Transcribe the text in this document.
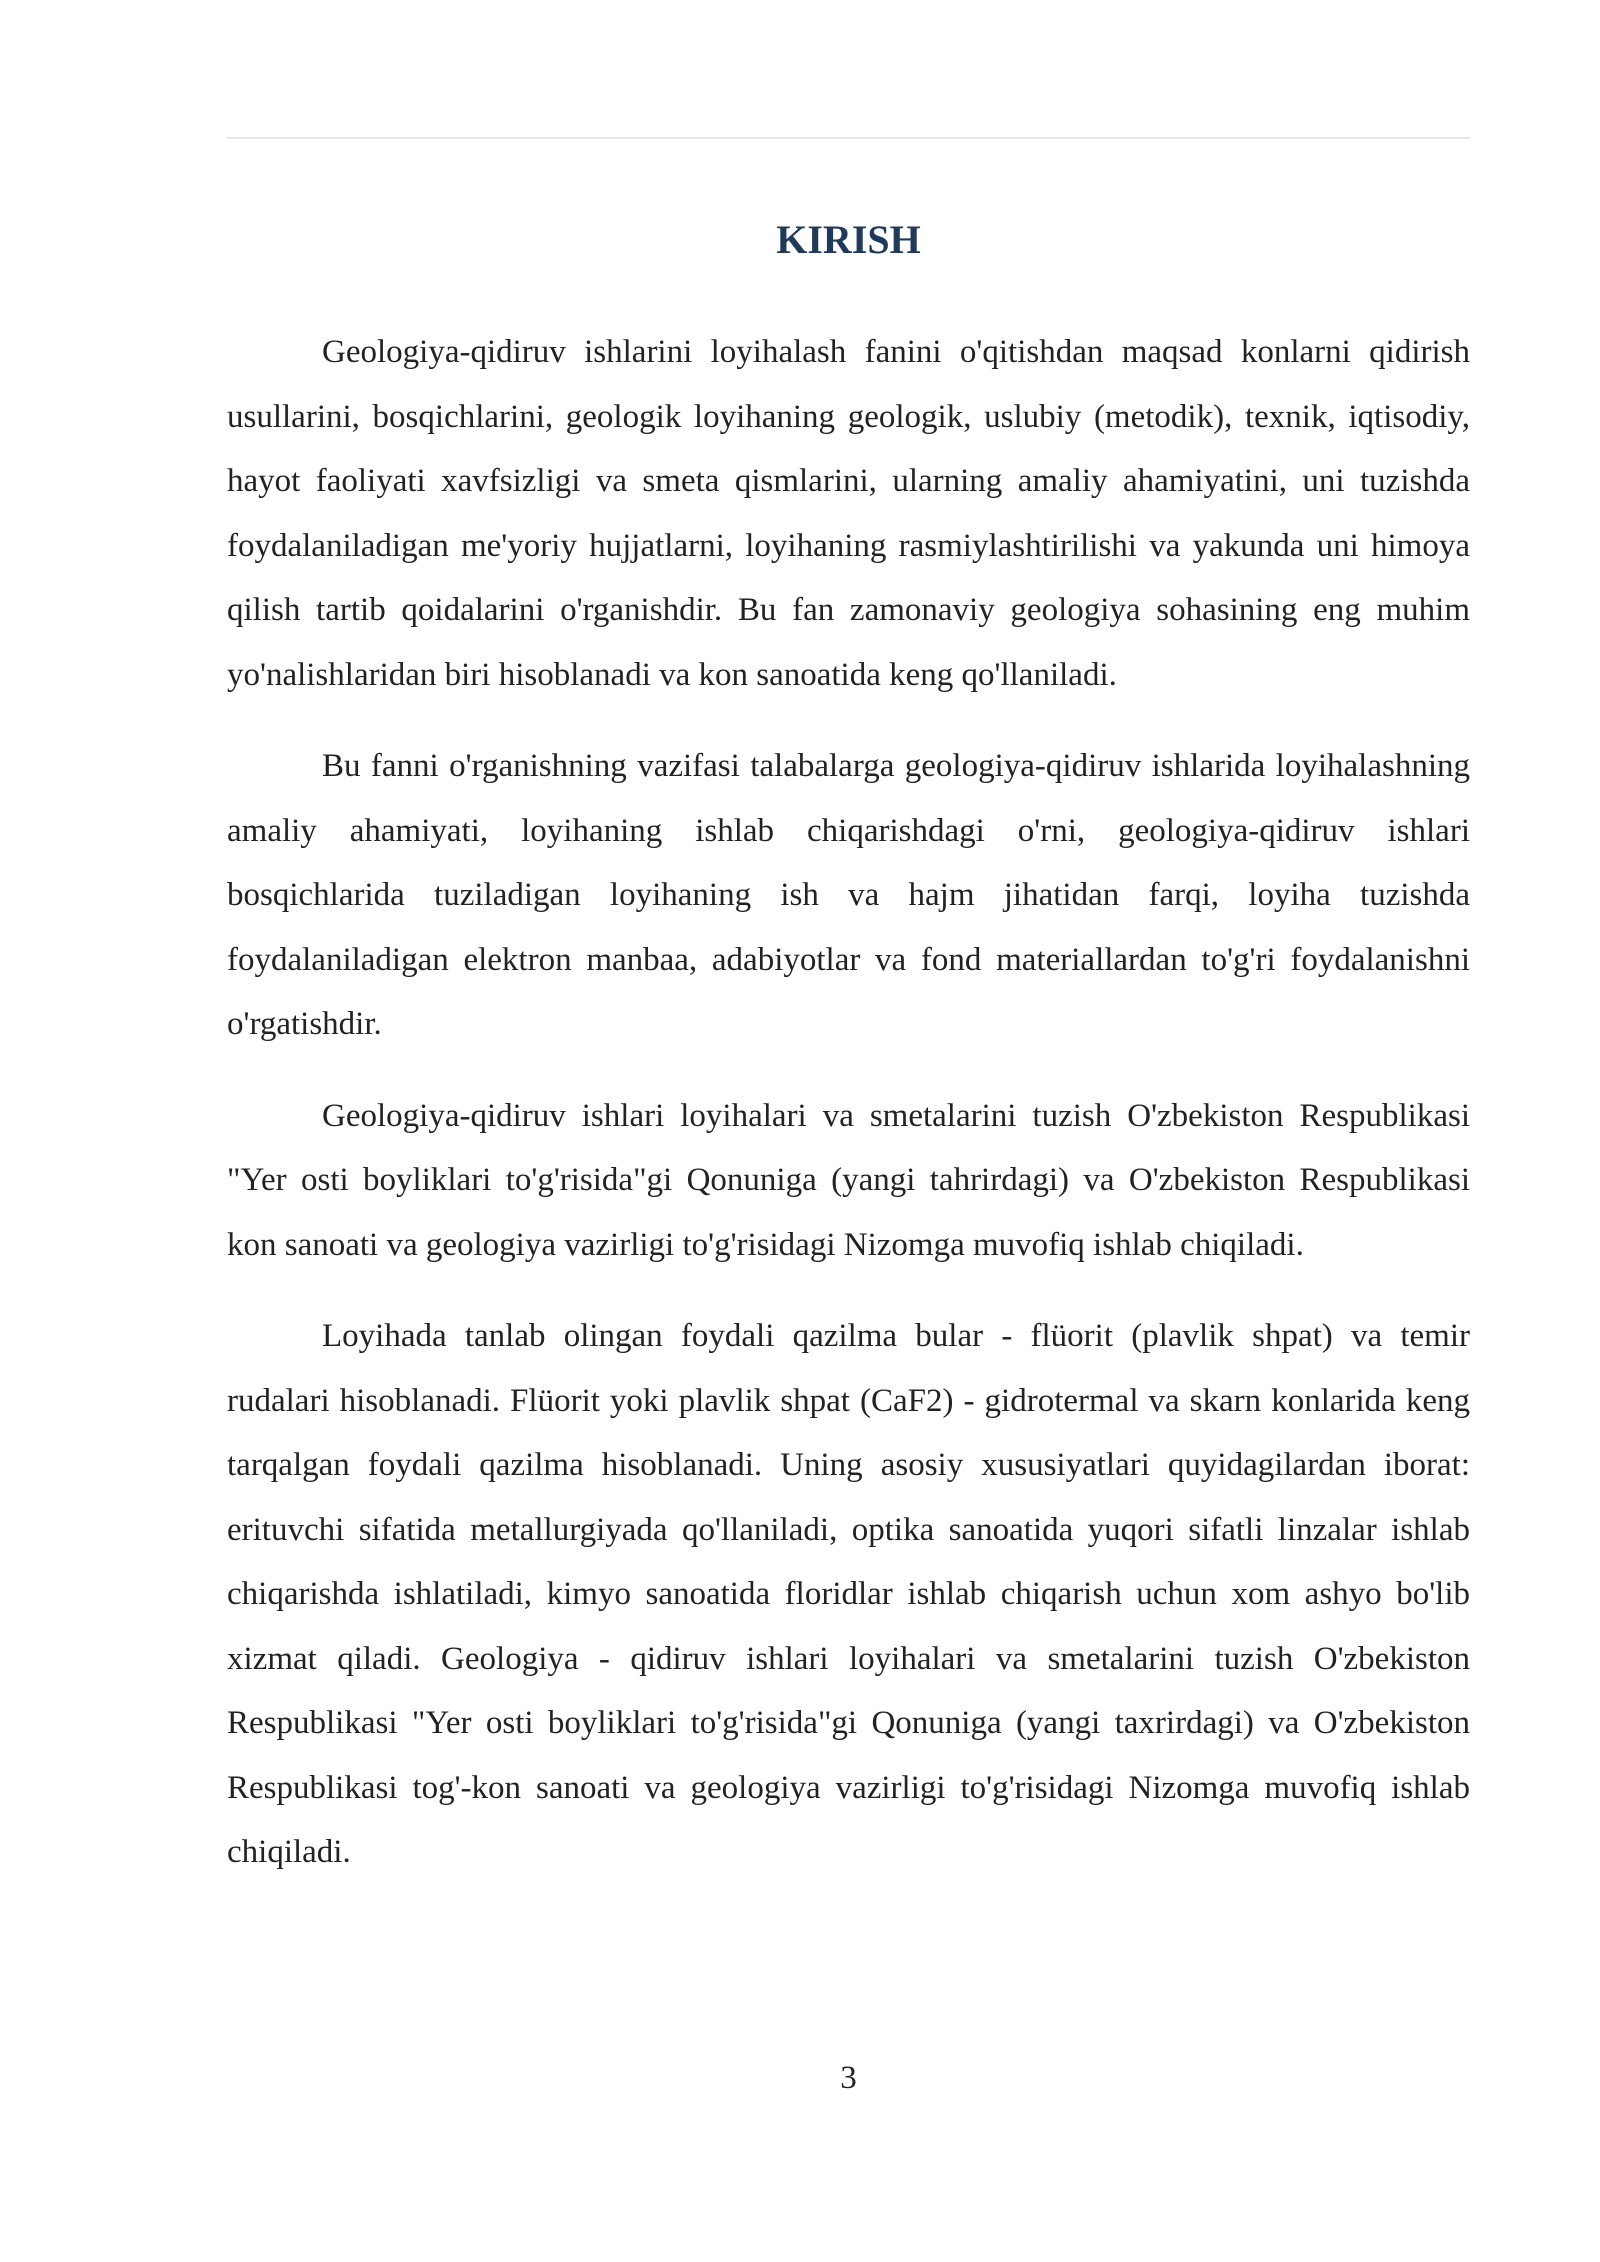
KIRISH

Geologiya-qidiruv ishlarini loyihalash fanini o'qitishdan maqsad konlarni qidirish usullarini, bosqichlarini, geologik loyihaning geologik, uslubiy (metodik), texnik, iqtisodiy, hayot faoliyati xavfsizligi va smeta qismlarini, ularning amaliy ahamiyatini, uni tuzishda foydalaniladigan me'yoriy hujjatlarni, loyihaning rasmiylashtirilishi va yakunda uni himoya qilish tartib qoidalarini o'rganishdir. Bu fan zamonaviy geologiya sohasining eng muhim yo'nalishlaridan biri hisoblanadi va kon sanoatida keng qo'llaniladi.

Bu fanni o'rganishning vazifasi talabalarga geologiya-qidiruv ishlarida loyihalashning amaliy ahamiyati, loyihaning ishlab chiqarishdagi o'rni, geologiya-qidiruv ishlari bosqichlarida tuziladigan loyihaning ish va hajm jihatidan farqi, loyiha tuzishda foydalaniladigan elektron manbaa, adabiyotlar va fond materiallardan to'g'ri foydalanishni o'rgatishdir.

Geologiya-qidiruv ishlari loyihalari va smetalarini tuzish O'zbekiston Respublikasi "Yer osti boyliklari to'g'risida"gi Qonuniga (yangi tahrirdagi) va O'zbekiston Respublikasi kon sanoati va geologiya vazirligi to'g'risidagi Nizomga muvofiq ishlab chiqiladi.

Loyihada tanlab olingan foydali qazilma bular - flüorit (plavlik shpat) va temir rudalari hisoblanadi. Flüorit yoki plavlik shpat (CaF2) - gidrotermal va skarn konlarida keng tarqalgan foydali qazilma hisoblanadi. Uning asosiy xususiyatlari quyidagilardan iborat: erituvchi sifatida metallurgiyada qo'llaniladi, optika sanoatida yuqori sifatli linzalar ishlab chiqarishda ishlatiladi, kimyo sanoatida floridlar ishlab chiqarish uchun xom ashyo bo'lib xizmat qiladi. Geologiya - qidiruv ishlari loyihalari va smetalarini tuzish O'zbekiston Respublikasi "Yer osti boyliklari to'g'risida"gi Qonuniga (yangi taxrirdagi) va O'zbekiston Respublikasi tog'-kon sanoati va geologiya vazirligi to'g'risidagi Nizomga muvofiq ishlab chiqiladi.

3
